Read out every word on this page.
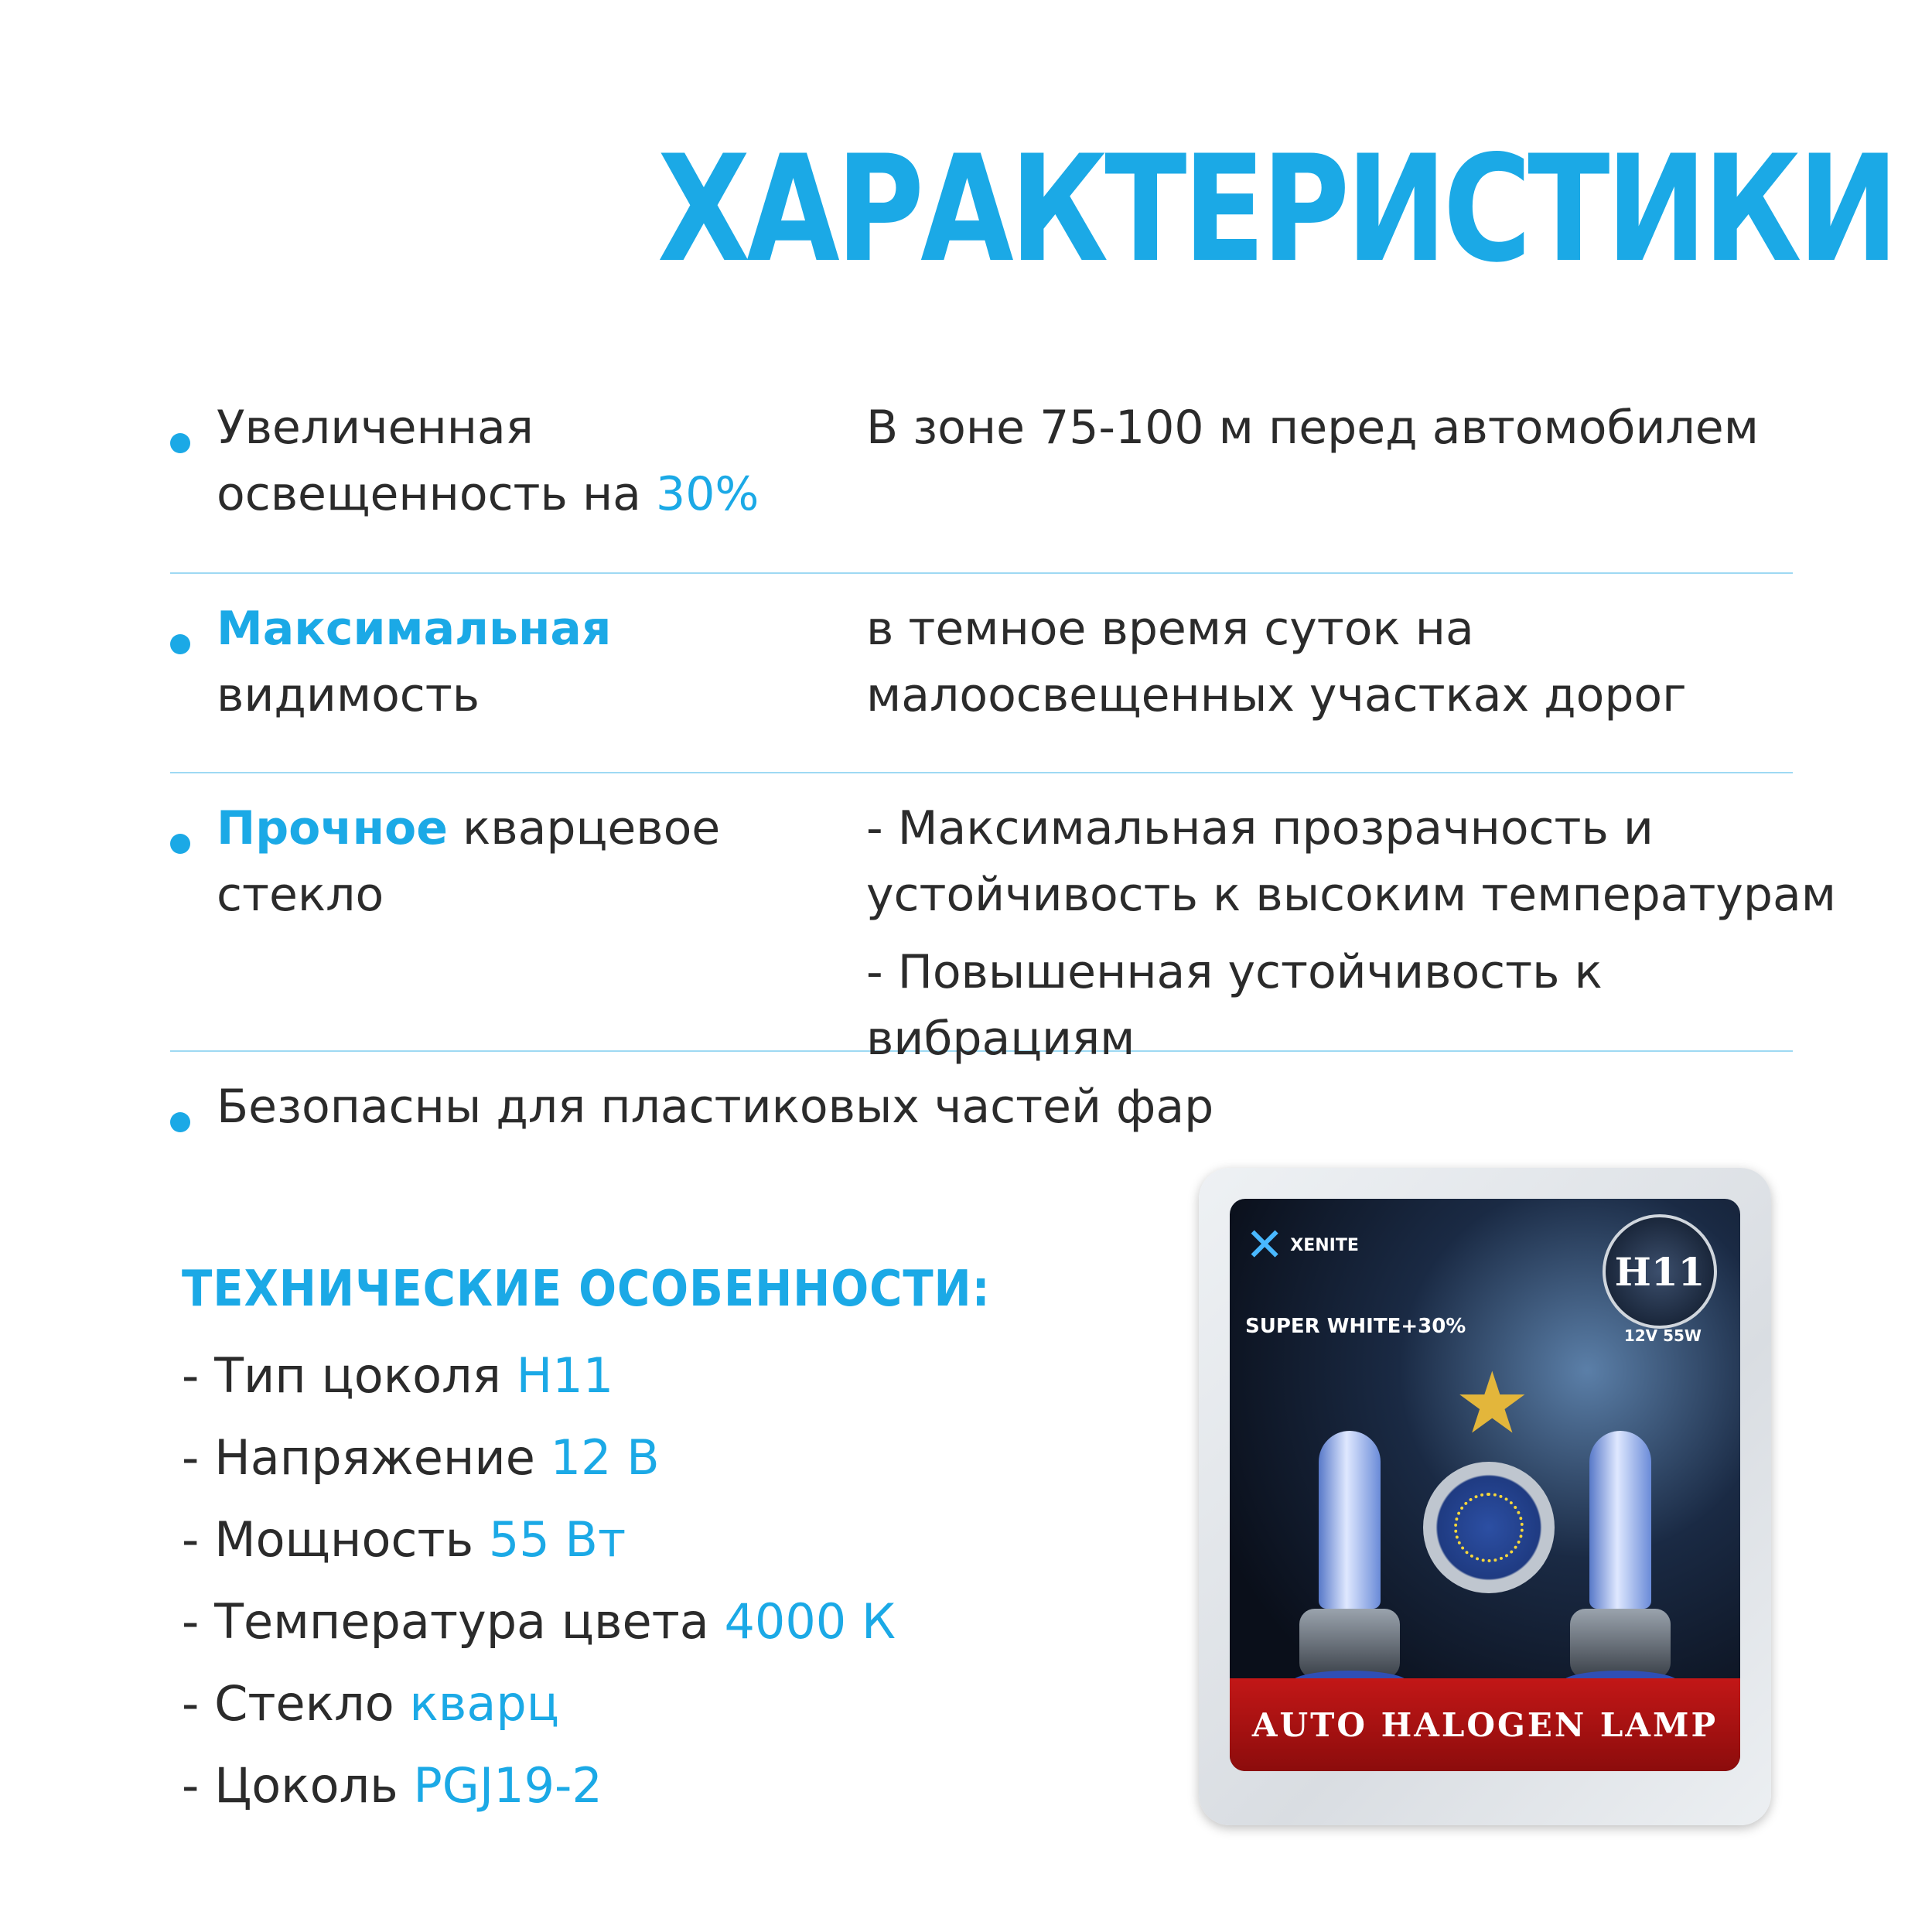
ХАРАКТЕРИСТИКИ
Увеличенная
освещенность на 30%

В зоне 75-100 м перед автомобилем

Максимальная
видимость

в темное время суток на малоосвещенных участках дорог

Прочное кварцевое
стекло

- Максимальная прозрачность и устойчивость к высоким температурам

- Повышенная устойчивость к вибрациям

Безопасны для пластиковых частей фар
ТЕХНИЧЕСКИЕ ОСОБЕННОСТИ:
- Тип цоколя H11
- Напряжение 12 В
- Мощность 55 Вт
- Температура цвета 4000 К
- Стекло кварц
- Цоколь PGJ19-2
✕ XENITE
H11
12V 55W
SUPER WHITE+30%
★
AUTO HALOGEN LAMP
